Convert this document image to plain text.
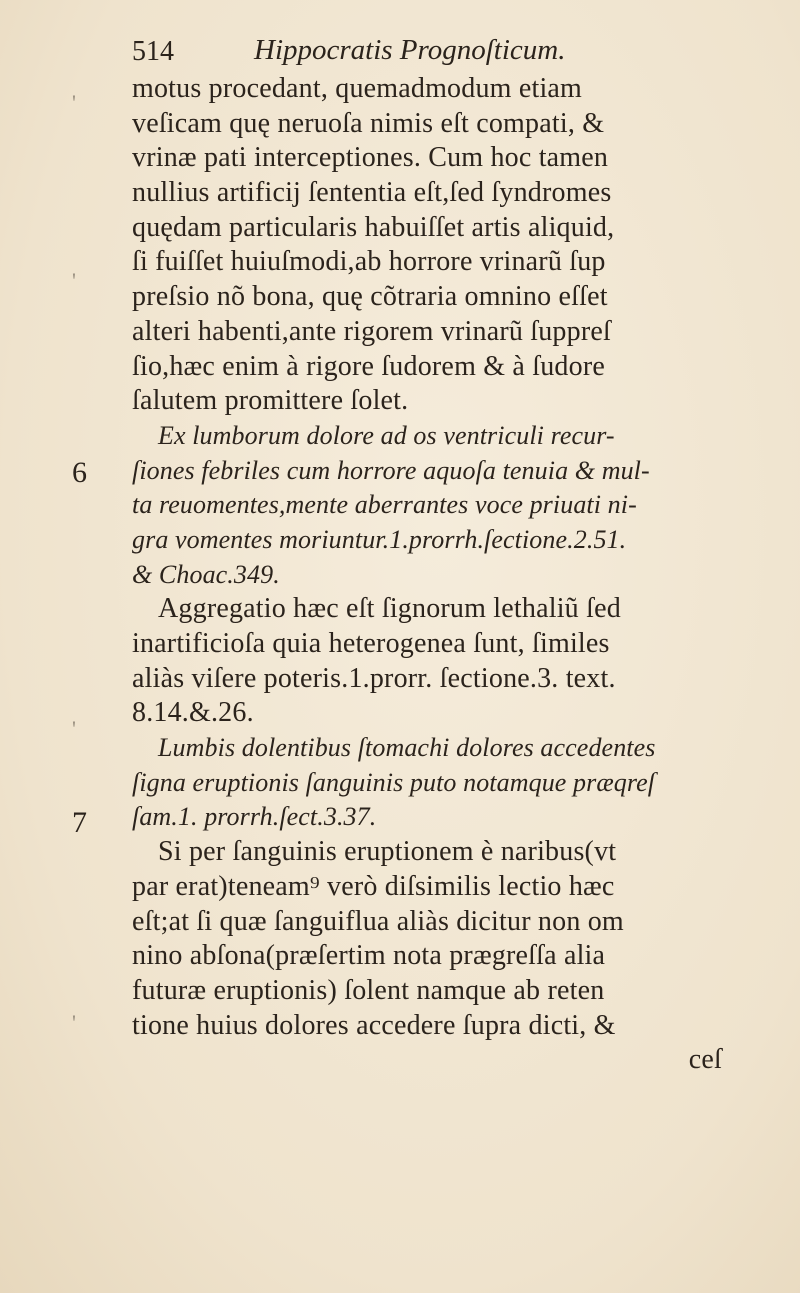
514	Hippocratis Prognoſticum.
'
'
'
'
6
7
motus procedant, quemadmodum etiam
veſicam quę neruoſa nimis eſt compati, &
vrinæ pati interceptiones. Cum hoc tamen
nullius artificij ſententia eſt,ſed ſyndromes
quędam particularis habuiſſet artis aliquid,
ſi fuiſſet huiuſmodi,ab horrore vrinarũ ſup
preſsio nõ bona, quę cõtraria omnino eſſet
alteri habenti,ante rigorem vrinarũ ſuppreſ
ſio,hæc enim à rigore ſudorem & à ſudore
ſalutem promittere ſolet.
Ex lumborum dolore ad os ventriculi recur-
ſiones febriles cum horrore aquoſa tenuia & mul-
ta reuomentes,mente aberrantes voce priuati ni-
gra vomentes moriuntur.1.prorrh.ſectione.2.51.
& Choac.349.
Aggregatio hæc eſt ſignorum lethaliũ ſed
inartificioſa quia heterogenea ſunt, ſimiles
aliàs viſere poteris.1.prorr. ſectione.3. text.
8.14.&.26.
Lumbis dolentibus ſtomachi dolores accedentes
ſigna eruptionis ſanguinis puto notamque præqreſ
ſam.1. prorrh.ſect.3.37.
Si per ſanguinis eruptionem è naribus(vt
par erat)teneam⁹ verò diſsimilis lectio hæc
eſt;at ſi quæ ſanguiflua aliàs dicitur non om
nino abſona(præſertim nota prægreſſa alia
futuræ eruptionis) ſolent namque ab reten
tione huius dolores accedere ſupra dicti, &
ceſ
